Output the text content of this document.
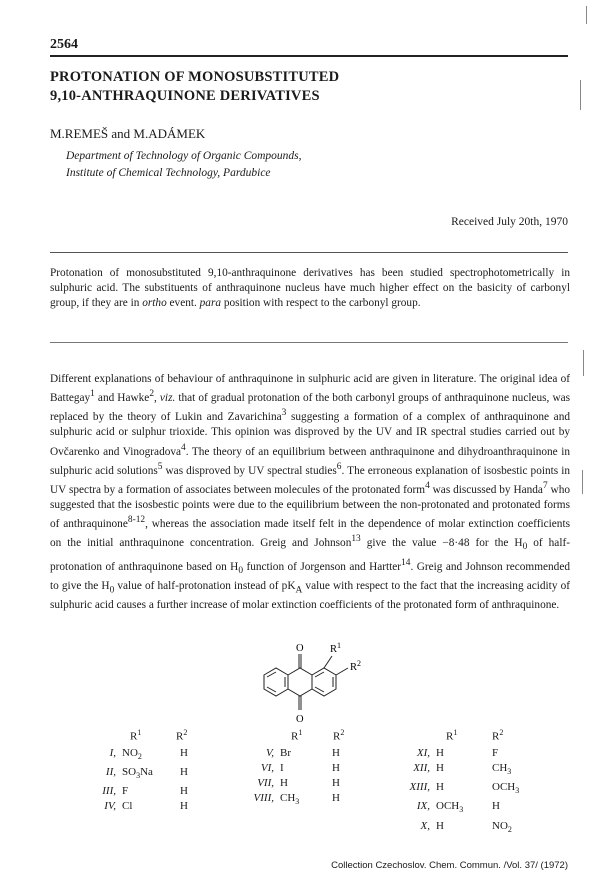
2564
PROTONATION OF MONOSUBSTITUTED
9,10-ANTHRAQUINONE DERIVATIVES
M.REMEŠ and M.ADÁMEK
Department of Technology of Organic Compounds,
Institute of Chemical Technology, Pardubice
Received July 20th, 1970
Protonation of monosubstituted 9,10-anthraquinone derivatives has been studied spectrophotometrically in sulphuric acid. The substituents of anthraquinone nucleus have much higher effect on the basicity of carbonyl group, if they are in ortho event. para position with respect to the carbonyl group.
Different explanations of behaviour of anthraquinone in sulphuric acid are given in literature. The original idea of Battegay$^1$ and Hawke$^2$, viz. that of gradual protonation of the both carbonyl groups of anthraquinone nucleus, was replaced by the theory of Lukin and Zavarichina$^3$ suggesting a formation of a complex of anthraquinone and sulphuric acid or sulphur trioxide. This opinion was disproved by the UV and IR spectral studies carried out by Ovčarenko and Vinogradova$^4$. The theory of an equilibrium between anthraquinone and dihydroanthraquinone in sulphuric acid solutions$^5$ was disproved by UV spectral studies$^6$. The erroneous explanation of isosbestic points in UV spectra by a formation of associates between molecules of the protonated form$^4$ was discussed by Handa$^7$ who suggested that the isosbestic points were due to the equilibrium between the non-protonated and protonated forms of anthraquinone$^{8-12}$, whereas the association made itself felt in the dependence of molar extinction coefficients on the initial anthraquinone concentration. Greig and Johnson$^{13}$ give the value −8·48 for the $H_0$ of half-protonation of anthraquinone based on $H_0$ function of Jorgenson and Hartter$^{14}$. Greig and Johnson recommended to give the $H_0$ value of half-protonation instead of $pK_A$ value with respect to the fact that the increasing acidity of sulphuric acid causes a further increase of molar extinction coefficients of the protonated form of anthraquinone.
O
O
$R^1$
$R^2$
$R^1$	$R^2$	$R^1$	$R^2$	$R^1$	$R^2$
I,	$NO_2$	H
II,	$SO_3Na$	H
III,	F	H
IV,	Cl	H
V,	Br	H
VI,	I	H
VII,	H	H
VIII,	$CH_3$	H
XI,	H	F
XII,	H	$CH_3$
XIII,	H	$OCH_3$
IX,	$OCH_3$	H
X,	H	$NO_2$
Collection Czechoslov. Chem. Commun. /Vol. 37/ (1972)
